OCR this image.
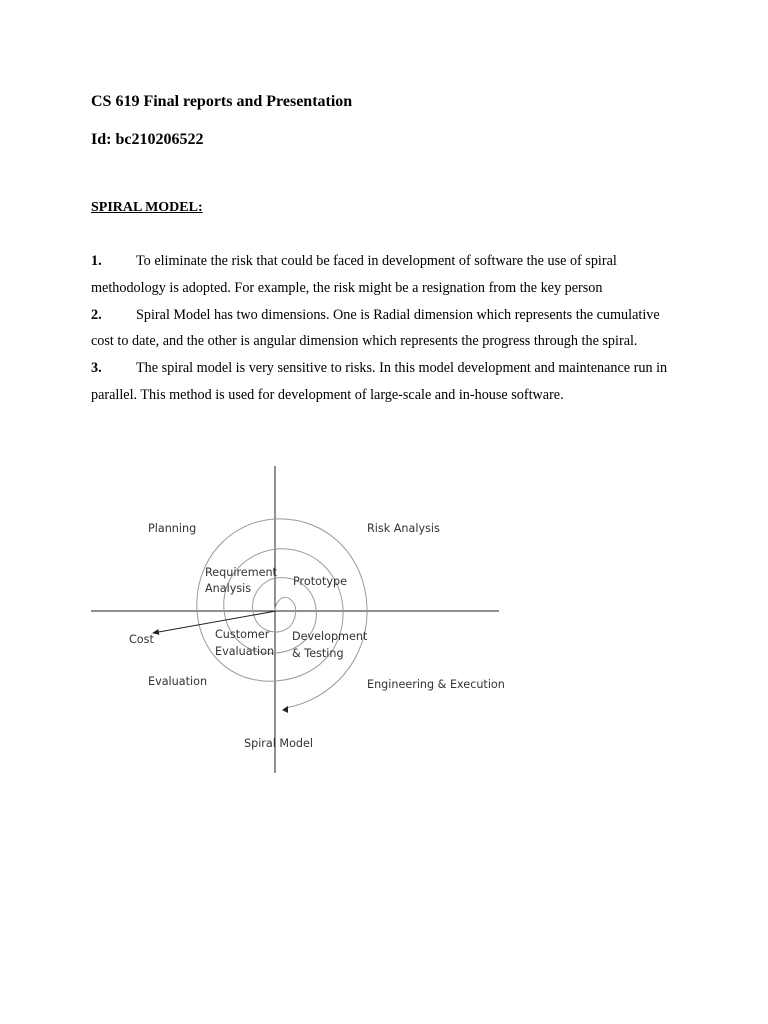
CS 619 Final reports and Presentation
Id: bc210206522
SPIRAL MODEL:

1. To eliminate the risk that could be faced in development of software the use of spiral methodology is adopted. For example, the risk might be a resignation from the key person

2. Spiral Model has two dimensions. One is Radial dimension which represents the cumulative cost to date, and the other is angular dimension which represents the progress through the spiral.

3. The spiral model is very sensitive to risks. In this model development and maintenance run in parallel. This method is used for development of large-scale and in-house software.

Planning	Risk Analysis
Requirement
Analysis
Prototype
Cost	Customer
Evaluation
Development
& Testing
Evaluation	Engineering & Execution
Spiral Model
